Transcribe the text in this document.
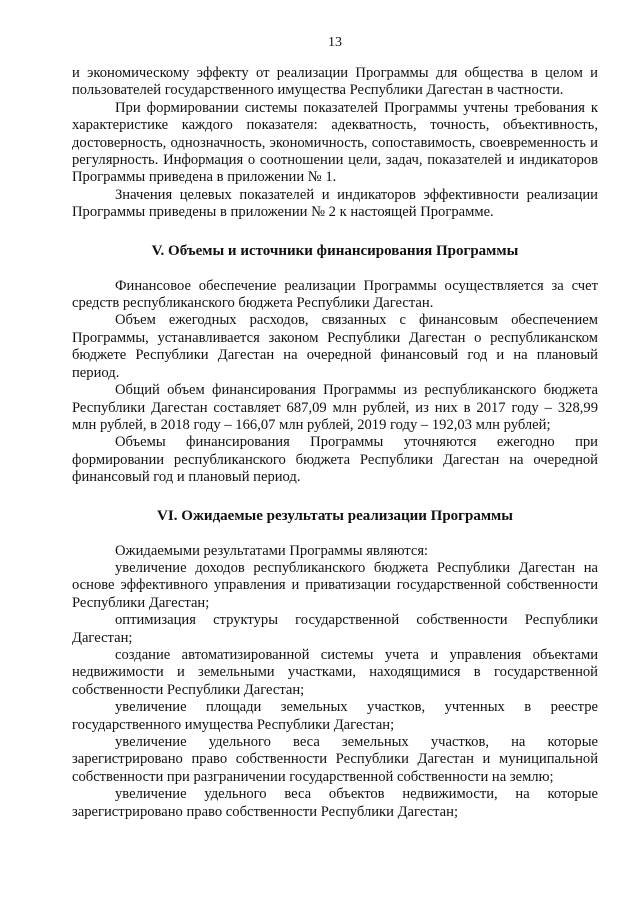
13

и экономическому эффекту от реализации Программы для общества в целом и пользователей государственного имущества Республики Дагестан в частности.

При формировании системы показателей Программы учтены требования к характеристике каждого показателя: адекватность, точность, объективность, достоверность, однозначность, экономичность, сопоставимость, своевременность и регулярность. Информация о соотношении цели, задач, показателей и индикаторов Программы приведена в приложении № 1.

Значения целевых показателей и индикаторов эффективности реализации Программы приведены в приложении № 2 к настоящей Программе.

V. Объемы и источники финансирования Программы

Финансовое обеспечение реализации Программы осуществляется за счет средств республиканского бюджета Республики Дагестан.

Объем ежегодных расходов, связанных с финансовым обеспечением Программы, устанавливается законом Республики Дагестан о республиканском бюджете Республики Дагестан на очередной финансовый год и на плановый период.

Общий объем финансирования Программы из республиканского бюджета Республики Дагестан составляет 687,09 млн рублей, из них в 2017 году – 328,99 млн рублей, в 2018 году – 166,07 млн рублей, 2019 году – 192,03 млн рублей;

Объемы финансирования Программы уточняются ежегодно при формировании республиканского бюджета Республики Дагестан на очередной финансовый год и плановый период.

VI. Ожидаемые результаты реализации Программы

Ожидаемыми результатами Программы являются:

увеличение доходов республиканского бюджета Республики Дагестан на основе эффективного управления и приватизации государственной собственности Республики Дагестан;

оптимизация структуры государственной собственности Республики Дагестан;

создание автоматизированной системы учета и управления объектами недвижимости и земельными участками, находящимися в государственной собственности Республики Дагестан;

увеличение площади земельных участков, учтенных в реестре государственного имущества Республики Дагестан;

увеличение удельного веса земельных участков, на которые зарегистрировано право собственности Республики Дагестан и муниципальной собственности при разграничении государственной собственности на землю;

увеличение удельного веса объектов недвижимости, на которые зарегистрировано право собственности Республики Дагестан;
